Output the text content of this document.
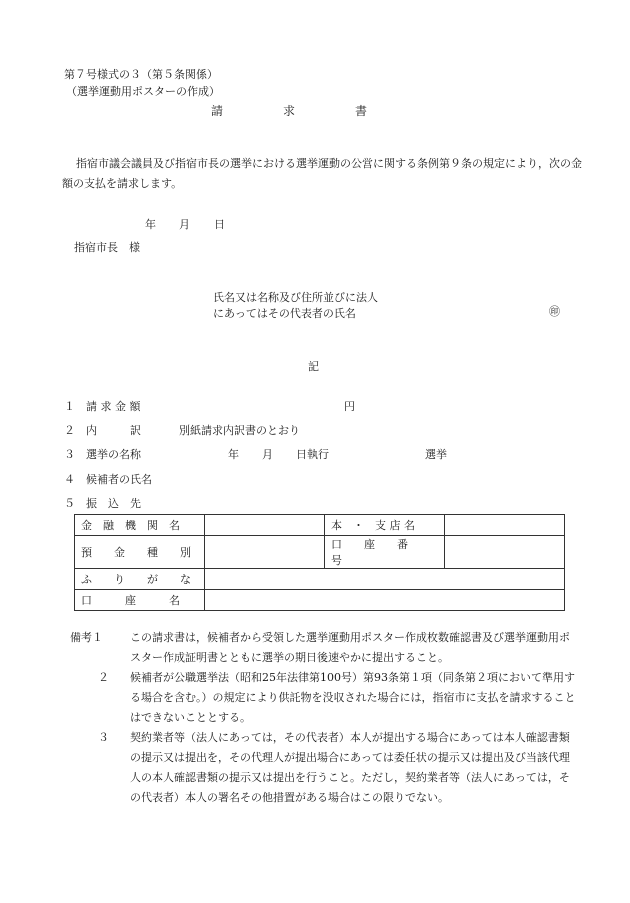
第７号様式の３（第５条関係）
（選挙運動用ポスターの作成）
請　　　　　求　　　　　書
指宿市議会議員及び指宿市長の選挙における選挙運動の公営に関する条例第９条の規定により，次の金額の支払を請求します。
年 月 日
指宿市長　様
氏名又は名称及び住所並びに法人
にあってはその代表者の氏名	㊞
記
１ 請 求 金 額	円
２ 内　　　訳	別紙請求内訳書のとおり
３ 選挙の名称	年 月 日執行	選挙
４ 候補者の氏名
５ 振　込　先
金　融　機　関　名		本　・　支 店 名	
預　　金　　種　　別		口　　座　　番　　号	
ふ　　り　　が　　な			
口　　　座　　　名			
備考１ この請求書は，候補者から受領した選挙運動用ポスター作成枚数確認書及び選挙運動用ポスター作成証明書とともに選挙の期日後速やかに提出すること。
２ 候補者が公職選挙法（昭和25年法律第100号）第93条第１項（同条第２項において準用する場合を含む。）の規定により供託物を没収された場合には，指宿市に支払を請求することはできないこととする。
３ 契約業者等（法人にあっては，その代表者）本人が提出する場合にあっては本人確認書類の提示又は提出を，その代理人が提出場合にあっては委任状の提示又は提出及び当該代理人の本人確認書類の提示又は提出を行うこと。ただし，契約業者等（法人にあっては，その代表者）本人の署名その他措置がある場合はこの限りでない。
